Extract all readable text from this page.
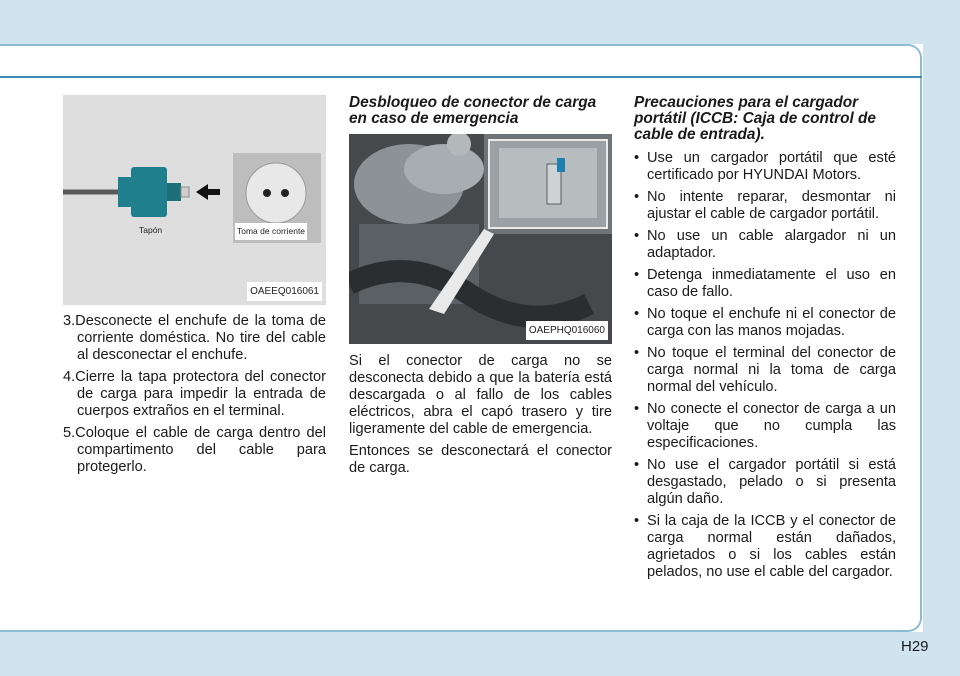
H29
Tapón	Toma de corriente
OAEEQ016061
3.Desconecte el enchufe de la toma de corriente doméstica. No tire del cable al desconectar el enchufe.
4.Cierre la tapa protectora del conector de carga para impedir la entrada de cuerpos extraños en el terminal.
5.Coloque el cable de carga dentro del compartimento del cable para protegerlo.
Desbloqueo de conector de carga en caso de emergencia
OAEPHQ016060

Si el conector de carga no se desconecta debido a que la batería está descargada o al fallo de los cables eléctricos, abra el capó trasero y tire ligeramente del cable de emergencia.

Entonces se desconectará el conector de carga.

Precauciones para el cargador portátil (ICCB: Caja de control de cable de entrada).
• Use un cargador portátil que esté certificado por HYUNDAI Motors.
• No intente reparar, desmontar ni ajustar el cable de cargador portátil.
• No use un cable alargador ni un adaptador.
• Detenga inmediatamente el uso en caso de fallo.
• No toque el enchufe ni el conector de carga con las manos mojadas.
• No toque el terminal del conector de carga normal ni la toma de carga normal del vehículo.
• No conecte el conector de carga a un voltaje que no cumpla las especificaciones.
• No use el cargador portátil si está desgastado, pelado o si presenta algún daño.
• Si la caja de la ICCB y el conector de carga normal están dañados, agrietados o si los cables están pelados, no use el cable del cargador.
